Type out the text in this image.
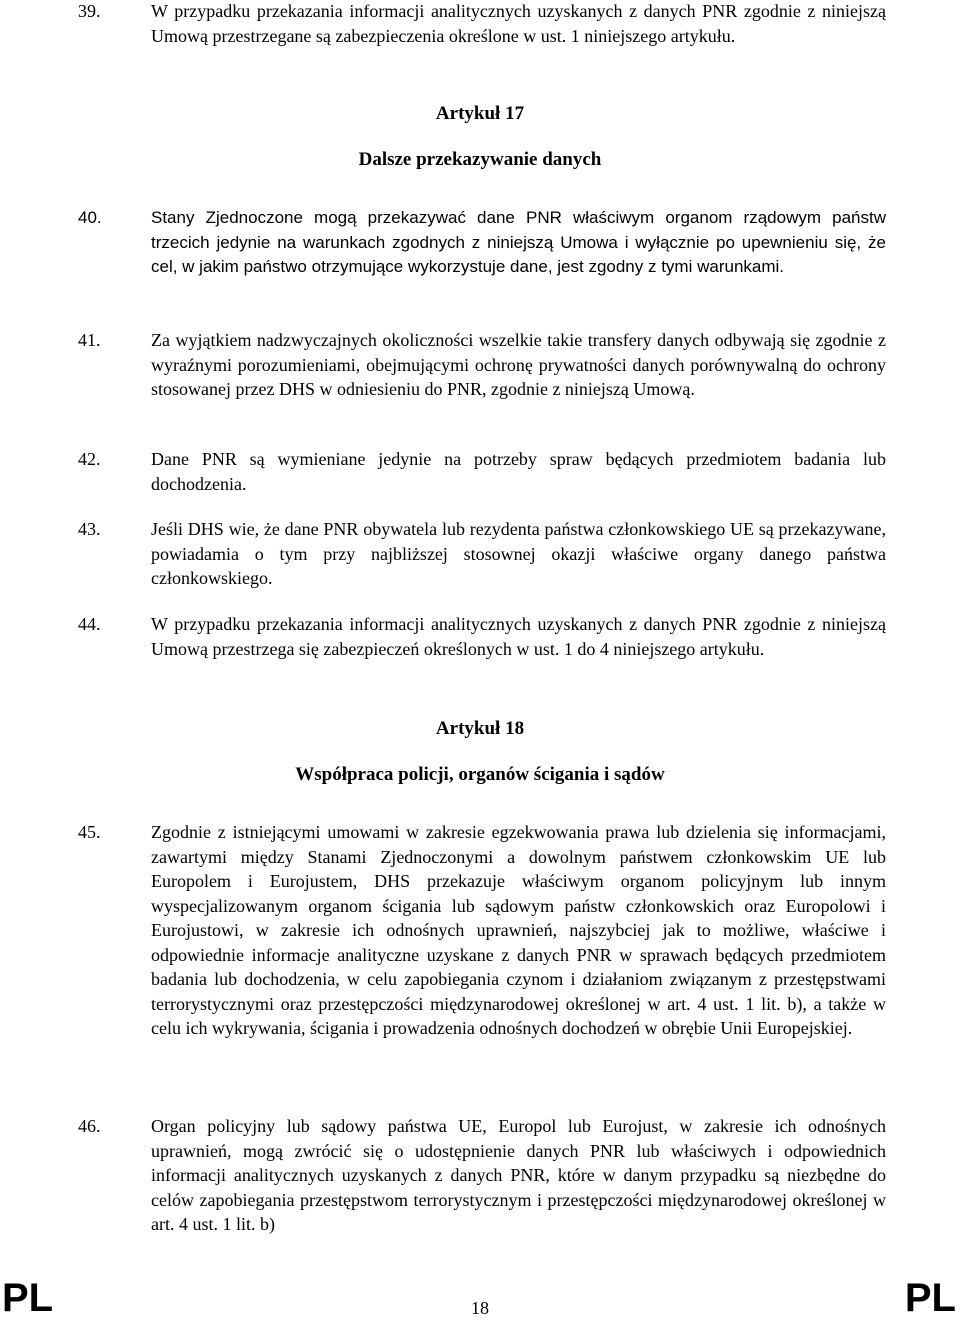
39.	W przypadku przekazania informacji analitycznych uzyskanych z danych PNR zgodnie z niniejszą Umową przestrzegane są zabezpieczenia określone w ust. 1 niniejszego artykułu.
Artykuł 17
Dalsze przekazywanie danych
40.	Stany Zjednoczone mogą przekazywać dane PNR właściwym organom rządowym państw trzecich jedynie na warunkach zgodnych z niniejszą Umowa i wyłącznie po upewnieniu się, że cel, w jakim państwo otrzymujące wykorzystuje dane, jest zgodny z tymi warunkami.
41.	Za wyjątkiem nadzwyczajnych okoliczności wszelkie takie transfery danych odbywają się zgodnie z wyraźnymi porozumieniami, obejmującymi ochronę prywatności danych porównywalną do ochrony stosowanej przez DHS w odniesieniu do PNR, zgodnie z niniejszą Umową.
42.	Dane PNR są wymieniane jedynie na potrzeby spraw będących przedmiotem badania lub dochodzenia.
43.	Jeśli DHS wie, że dane PNR obywatela lub rezydenta państwa członkowskiego UE są przekazywane, powiadamia o tym przy najbliższej stosownej okazji właściwe organy danego państwa członkowskiego.
44.	W przypadku przekazania informacji analitycznych uzyskanych z danych PNR zgodnie z niniejszą Umową przestrzega się zabezpieczeń określonych w ust. 1 do 4 niniejszego artykułu.
Artykuł 18
Współpraca policji, organów ścigania i sądów
45.	Zgodnie z istniejącymi umowami w zakresie egzekwowania prawa lub dzielenia się informacjami, zawartymi między Stanami Zjednoczonymi a dowolnym państwem członkowskim UE lub Europolem i Eurojustem, DHS przekazuje właściwym organom policyjnym lub innym wyspecjalizowanym organom ścigania lub sądowym państw członkowskich oraz Europolowi i Eurojustowi, w zakresie ich odnośnych uprawnień, najszybciej jak to możliwe, właściwe i odpowiednie informacje analityczne uzyskane z danych PNR w sprawach będących przedmiotem badania lub dochodzenia, w celu zapobiegania czynom i działaniom związanym z przestępstwami terrorystycznymi oraz przestępczości międzynarodowej określonej w art. 4 ust. 1 lit. b), a także w celu ich wykrywania, ścigania i prowadzenia odnośnych dochodzeń w obrębie Unii Europejskiej.
46.	Organ policyjny lub sądowy państwa UE, Europol lub Eurojust, w zakresie ich odnośnych uprawnień, mogą zwrócić się o udostępnienie danych PNR lub właściwych i odpowiednich informacji analitycznych uzyskanych z danych PNR, które w danym przypadku są niezbędne do celów zapobiegania przestępstwom terrorystycznym i przestępczości międzynarodowej określonej w art. 4 ust. 1 lit. b)
PL	18	PL
